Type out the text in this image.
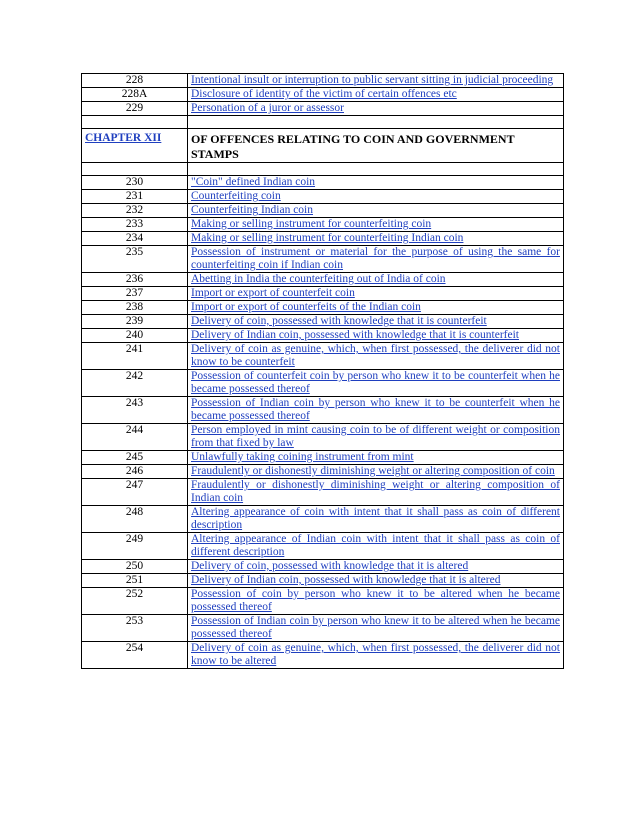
228	Intentional insult or interruption to public servant sitting in judicial proceeding
228A	Disclosure of identity of the victim of certain offences etc
229	Personation of a juror or assessor

CHAPTER XII	OF OFFENCES RELATING TO COIN AND GOVERNMENT STAMPS

230	"Coin" defined Indian coin
231	Counterfeiting coin
232	Counterfeiting Indian coin
233	Making or selling instrument for counterfeiting coin
234	Making or selling instrument for counterfeiting Indian coin
235	Possession of instrument or material for the purpose of using the same for counterfeiting coin if Indian coin
236	Abetting in India the counterfeiting out of India of coin
237	Import or export of counterfeit coin
238	Import or export of counterfeits of the Indian coin
239	Delivery of coin, possessed with knowledge that it is counterfeit
240	Delivery of Indian coin, possessed with knowledge that it is counterfeit
241	Delivery of coin as genuine, which, when first possessed, the deliverer did not know to be counterfeit
242	Possession of counterfeit coin by person who knew it to be counterfeit when he became possessed thereof
243	Possession of Indian coin by person who knew it to be counterfeit when he became possessed thereof
244	Person employed in mint causing coin to be of different weight or composition from that fixed by law
245	Unlawfully taking coining instrument from mint
246	Fraudulently or dishonestly diminishing weight or altering composition of coin
247	Fraudulently or dishonestly diminishing weight or altering composition of Indian coin
248	Altering appearance of coin with intent that it shall pass as coin of different description
249	Altering appearance of Indian coin with intent that it shall pass as coin of different description
250	Delivery of coin, possessed with knowledge that it is altered
251	Delivery of Indian coin, possessed with knowledge that it is altered
252	Possession of coin by person who knew it to be altered when he became possessed thereof
253	Possession of Indian coin by person who knew it to be altered when he became possessed thereof
254	Delivery of coin as genuine, which, when first possessed, the deliverer did not know to be altered
